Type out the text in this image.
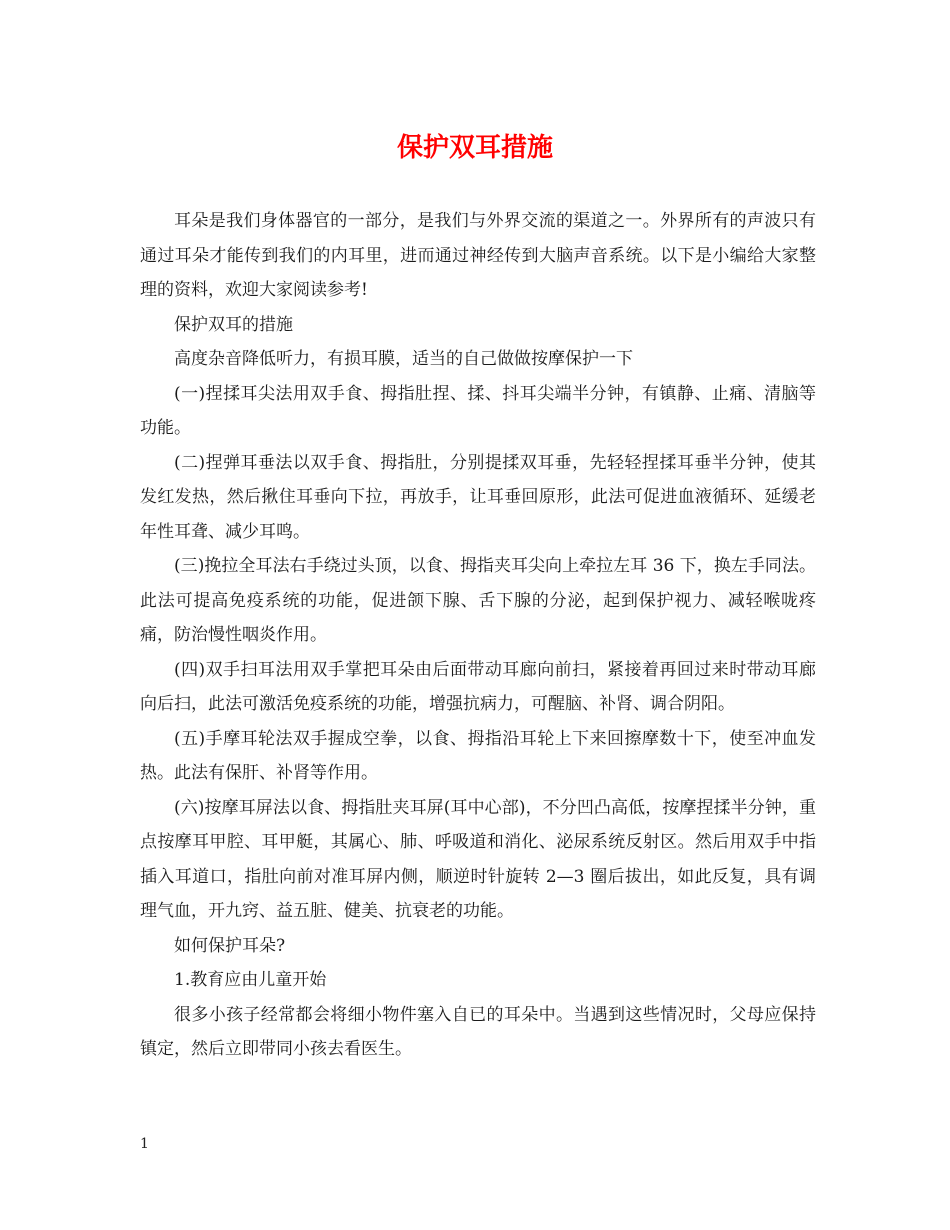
保护双耳措施

耳朵是我们身体器官的一部分，是我们与外界交流的渠道之一。外界所有的声波只有通过耳朵才能传到我们的内耳里，进而通过神经传到大脑声音系统。以下是小编给大家整理的资料，欢迎大家阅读参考!

保护双耳的措施

高度杂音降低听力，有损耳膜，适当的自己做做按摩保护一下

(一)捏揉耳尖法用双手食、拇指肚捏、揉、抖耳尖端半分钟，有镇静、止痛、清脑等功能。

(二)捏弹耳垂法以双手食、拇指肚，分别提揉双耳垂，先轻轻捏揉耳垂半分钟，使其发红发热，然后揪住耳垂向下拉，再放手，让耳垂回原形，此法可促进血液循环、延缓老年性耳聋、减少耳鸣。

(三)挽拉全耳法右手绕过头顶，以食、拇指夹耳尖向上牵拉左耳 36 下，换左手同法。此法可提高免疫系统的功能，促进颌下腺、舌下腺的分泌，起到保护视力、减轻喉咙疼痛，防治慢性咽炎作用。

(四)双手扫耳法用双手掌把耳朵由后面带动耳廊向前扫，紧接着再回过来时带动耳廊向后扫，此法可激活免疫系统的功能，增强抗病力，可醒脑、补肾、调合阴阳。

(五)手摩耳轮法双手握成空拳，以食、拇指沿耳轮上下来回擦摩数十下，使至冲血发热。此法有保肝、补肾等作用。

(六)按摩耳屏法以食、拇指肚夹耳屏(耳中心部)，不分凹凸高低，按摩捏揉半分钟，重点按摩耳甲腔、耳甲艇，其属心、肺、呼吸道和消化、泌尿系统反射区。然后用双手中指插入耳道口，指肚向前对准耳屏内侧，顺逆时针旋转 2—3 圈后拔出，如此反复，具有调理气血，开九窍、益五脏、健美、抗衰老的功能。

如何保护耳朵?

1.教育应由儿童开始

很多小孩子经常都会将细小物件塞入自已的耳朵中。当遇到这些情况时，父母应保持镇定，然后立即带同小孩去看医生。

1
